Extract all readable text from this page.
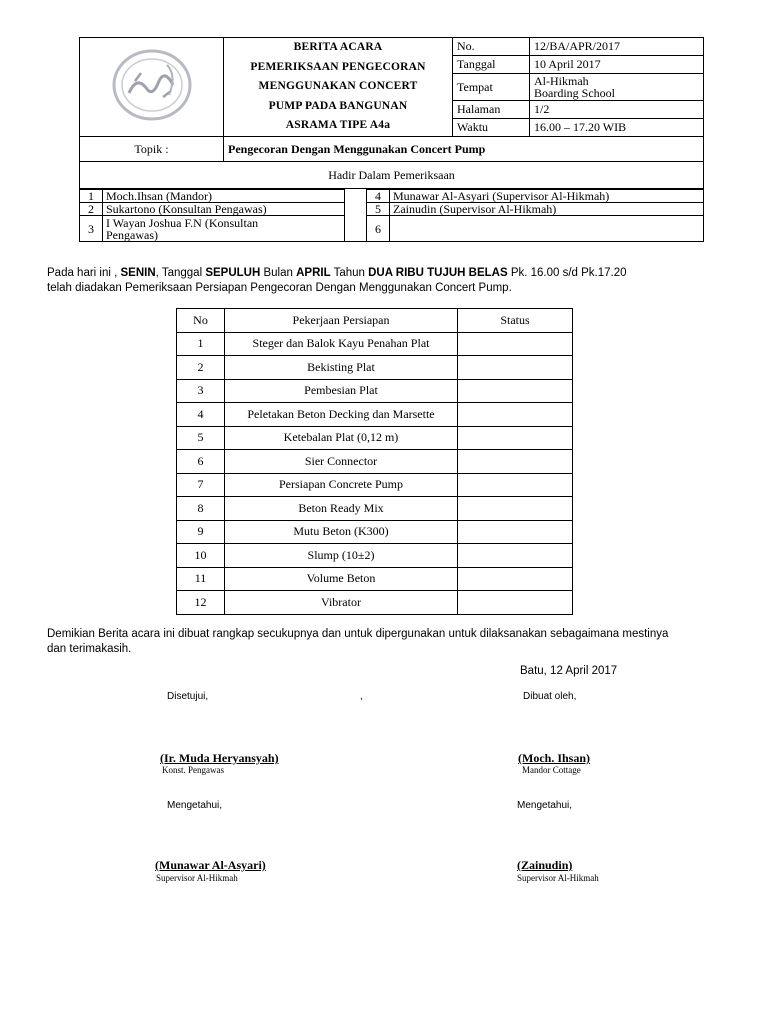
BERITA ACARA
PEMERIKSAAN PENGECORAN
MENGGUNAKAN CONCERT
PUMP PADA BANGUNAN
ASRAMA TIPE A4a	No.	12/BA/APR/2017
		Tanggal	10 April 2017
		Tempat	Al-Hikmah
Boarding School

		Halaman	1/2
		Waktu	16.00 – 17.20 WIB
Topik :	Pengecoran Dengan Menggunakan Concert Pump		
Hadir Dalam Pemeriksaan			
1	Moch.Ihsan (Mandor)		4	Munawar Al-Asyari (Supervisor Al-Hikmah)
2	Sukartono (Konsultan Pengawas)		5	Zainudin (Supervisor Al-Hikmah)
3	I Wayan Joshua F.N (Konsultan
Pengawas)		6	
Pada hari ini , SENIN, Tanggal SEPULUH Bulan APRIL Tahun DUA RIBU TUJUH BELAS Pk. 16.00 s/d Pk.17.20
telah diadakan Pemeriksaan Persiapan Pengecoran Dengan Menggunakan Concert Pump.
No	Pekerjaan Persiapan	Status
1	Steger dan Balok Kayu Penahan Plat	
2	Bekisting Plat	
3	Pembesian Plat	
4	Peletakan Beton Decking dan Marsette	
5	Ketebalan Plat (0,12 m)	
6	Sier Connector	
7	Persiapan Concrete Pump	
8	Beton Ready Mix	
9	Mutu Beton (K300)	
10	Slump (10±2)	
11	Volume Beton	
12	Vibrator	
Demikian Berita acara ini dibuat rangkap secukupnya dan untuk dipergunakan untuk dilaksanakan sebagaimana mestinya
dan terimakasih.
Batu, 12 April 2017
Disetujui,	,	Dibuat oleh,
(Ir. Muda Heryansyah)
Konst. Pengawas
(Moch. Ihsan)
Mandor Cottage
Mengetahui,	Mengetahui,
(Munawar Al-Asyari)
Supervisor Al-Hikmah
(Zainudin)
Supervisor Al-Hikmah
